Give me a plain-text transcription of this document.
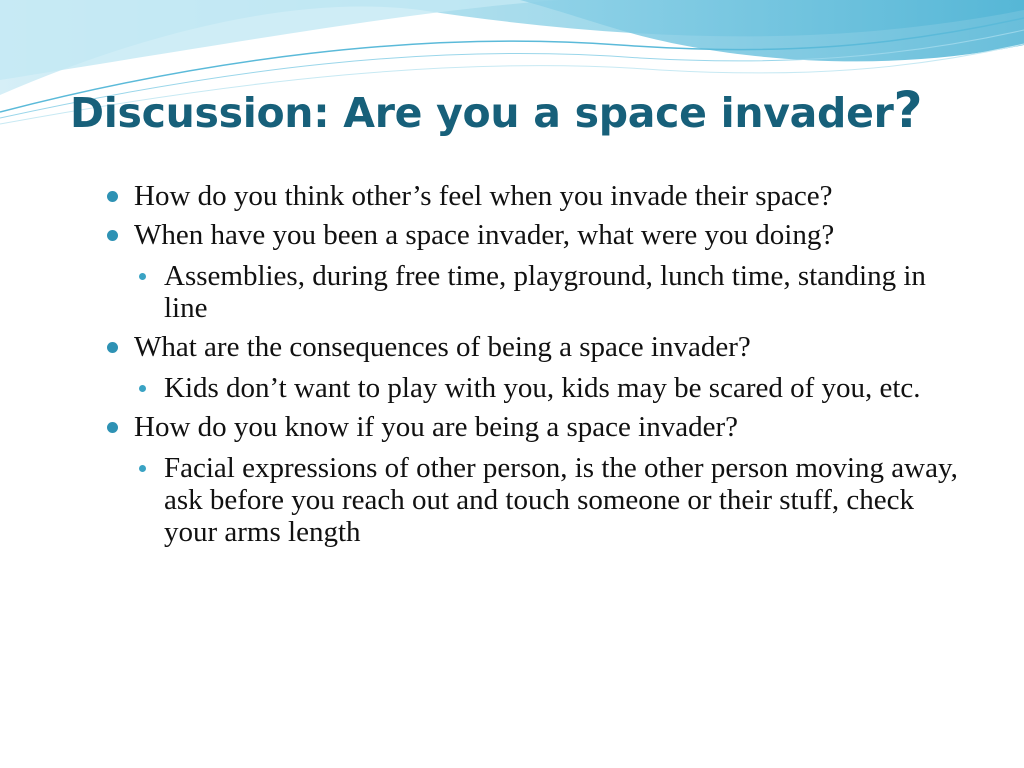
Discussion: Are you a space invader?
How do you think other’s feel when you invade their space?
When have you been a space invader, what were you doing?
Assemblies, during free time, playground, lunch time, standing in line
What are the consequences of being a space invader?
Kids don’t want to play with you, kids may be scared of you, etc.
How do you know if you are being a space invader?
Facial expressions of other person, is the other person moving away, ask before you reach out and touch someone or their stuff, check your arms length
